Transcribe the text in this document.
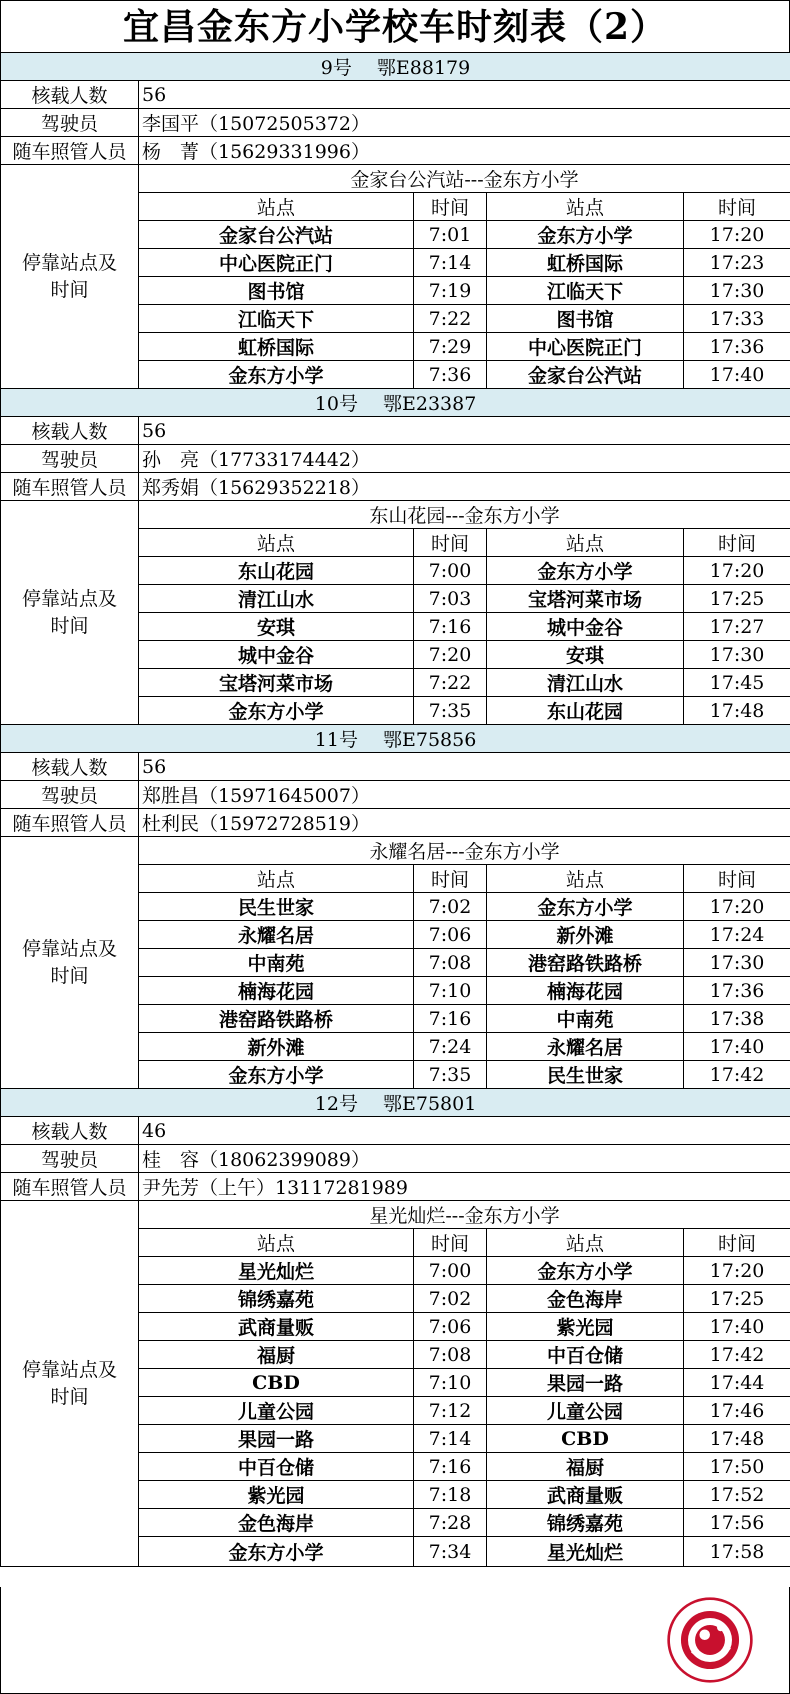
宜昌金东方小学校车时刻表（2）
9号　 鄂E88179				
核载人数	56			
驾驶员	李国平（15072505372）			
随车照管人员	杨　菁（15629331996）			

停靠站点及
时间	金家台公汽站---金东方小学			
	站点	时间	站点	时间
	金家台公汽站	7:01	金东方小学	17:20
	中心医院正门	7:14	虹桥国际	17:23
	图书馆	7:19	江临天下	17:30
	江临天下	7:22	图书馆	17:33
	虹桥国际	7:29	中心医院正门	17:36
	金东方小学	7:36	金家台公汽站	17:40
10号　 鄂E23387				
核载人数	56			
驾驶员	孙　亮（17733174442）			
随车照管人员	郑秀娟（15629352218）			

停靠站点及
时间	东山花园---金东方小学			
	站点	时间	站点	时间
	东山花园	7:00	金东方小学	17:20
	清江山水	7:03	宝塔河菜市场	17:25
	安琪	7:16	城中金谷	17:27
	城中金谷	7:20	安琪	17:30
	宝塔河菜市场	7:22	清江山水	17:45
	金东方小学	7:35	东山花园	17:48
11号　 鄂E75856				
核载人数	56			
驾驶员	郑胜昌（15971645007）			
随车照管人员	杜利民（15972728519）			

停靠站点及
时间	永耀名居---金东方小学			
	站点	时间	站点	时间
	民生世家	7:02	金东方小学	17:20
	永耀名居	7:06	新外滩	17:24
	中南苑	7:08	港窑路铁路桥	17:30
	楠海花园	7:10	楠海花园	17:36
	港窑路铁路桥	7:16	中南苑	17:38
	新外滩	7:24	永耀名居	17:40
	金东方小学	7:35	民生世家	17:42
12号　 鄂E75801				
核载人数	46			
驾驶员	桂　容（18062399089）			
随车照管人员	尹先芳（上午）13117281989			

停靠站点及
时间	星光灿烂---金东方小学			
	站点	时间	站点	时间
	星光灿烂	7:00	金东方小学	17:20
	锦绣嘉苑	7:02	金色海岸	17:25
	武商量贩	7:06	紫光园	17:40
	福厨	7:08	中百仓储	17:42
	CBD	7:10	果园一路	17:44
	儿童公园	7:12	儿童公园	17:46
	果园一路	7:14	CBD	17:48
	中百仓储	7:16	福厨	17:50
	紫光园	7:18	武商量贩	17:52
	金色海岸	7:28	锦绣嘉苑	17:56
	金东方小学	7:34	星光灿烂	17:58
